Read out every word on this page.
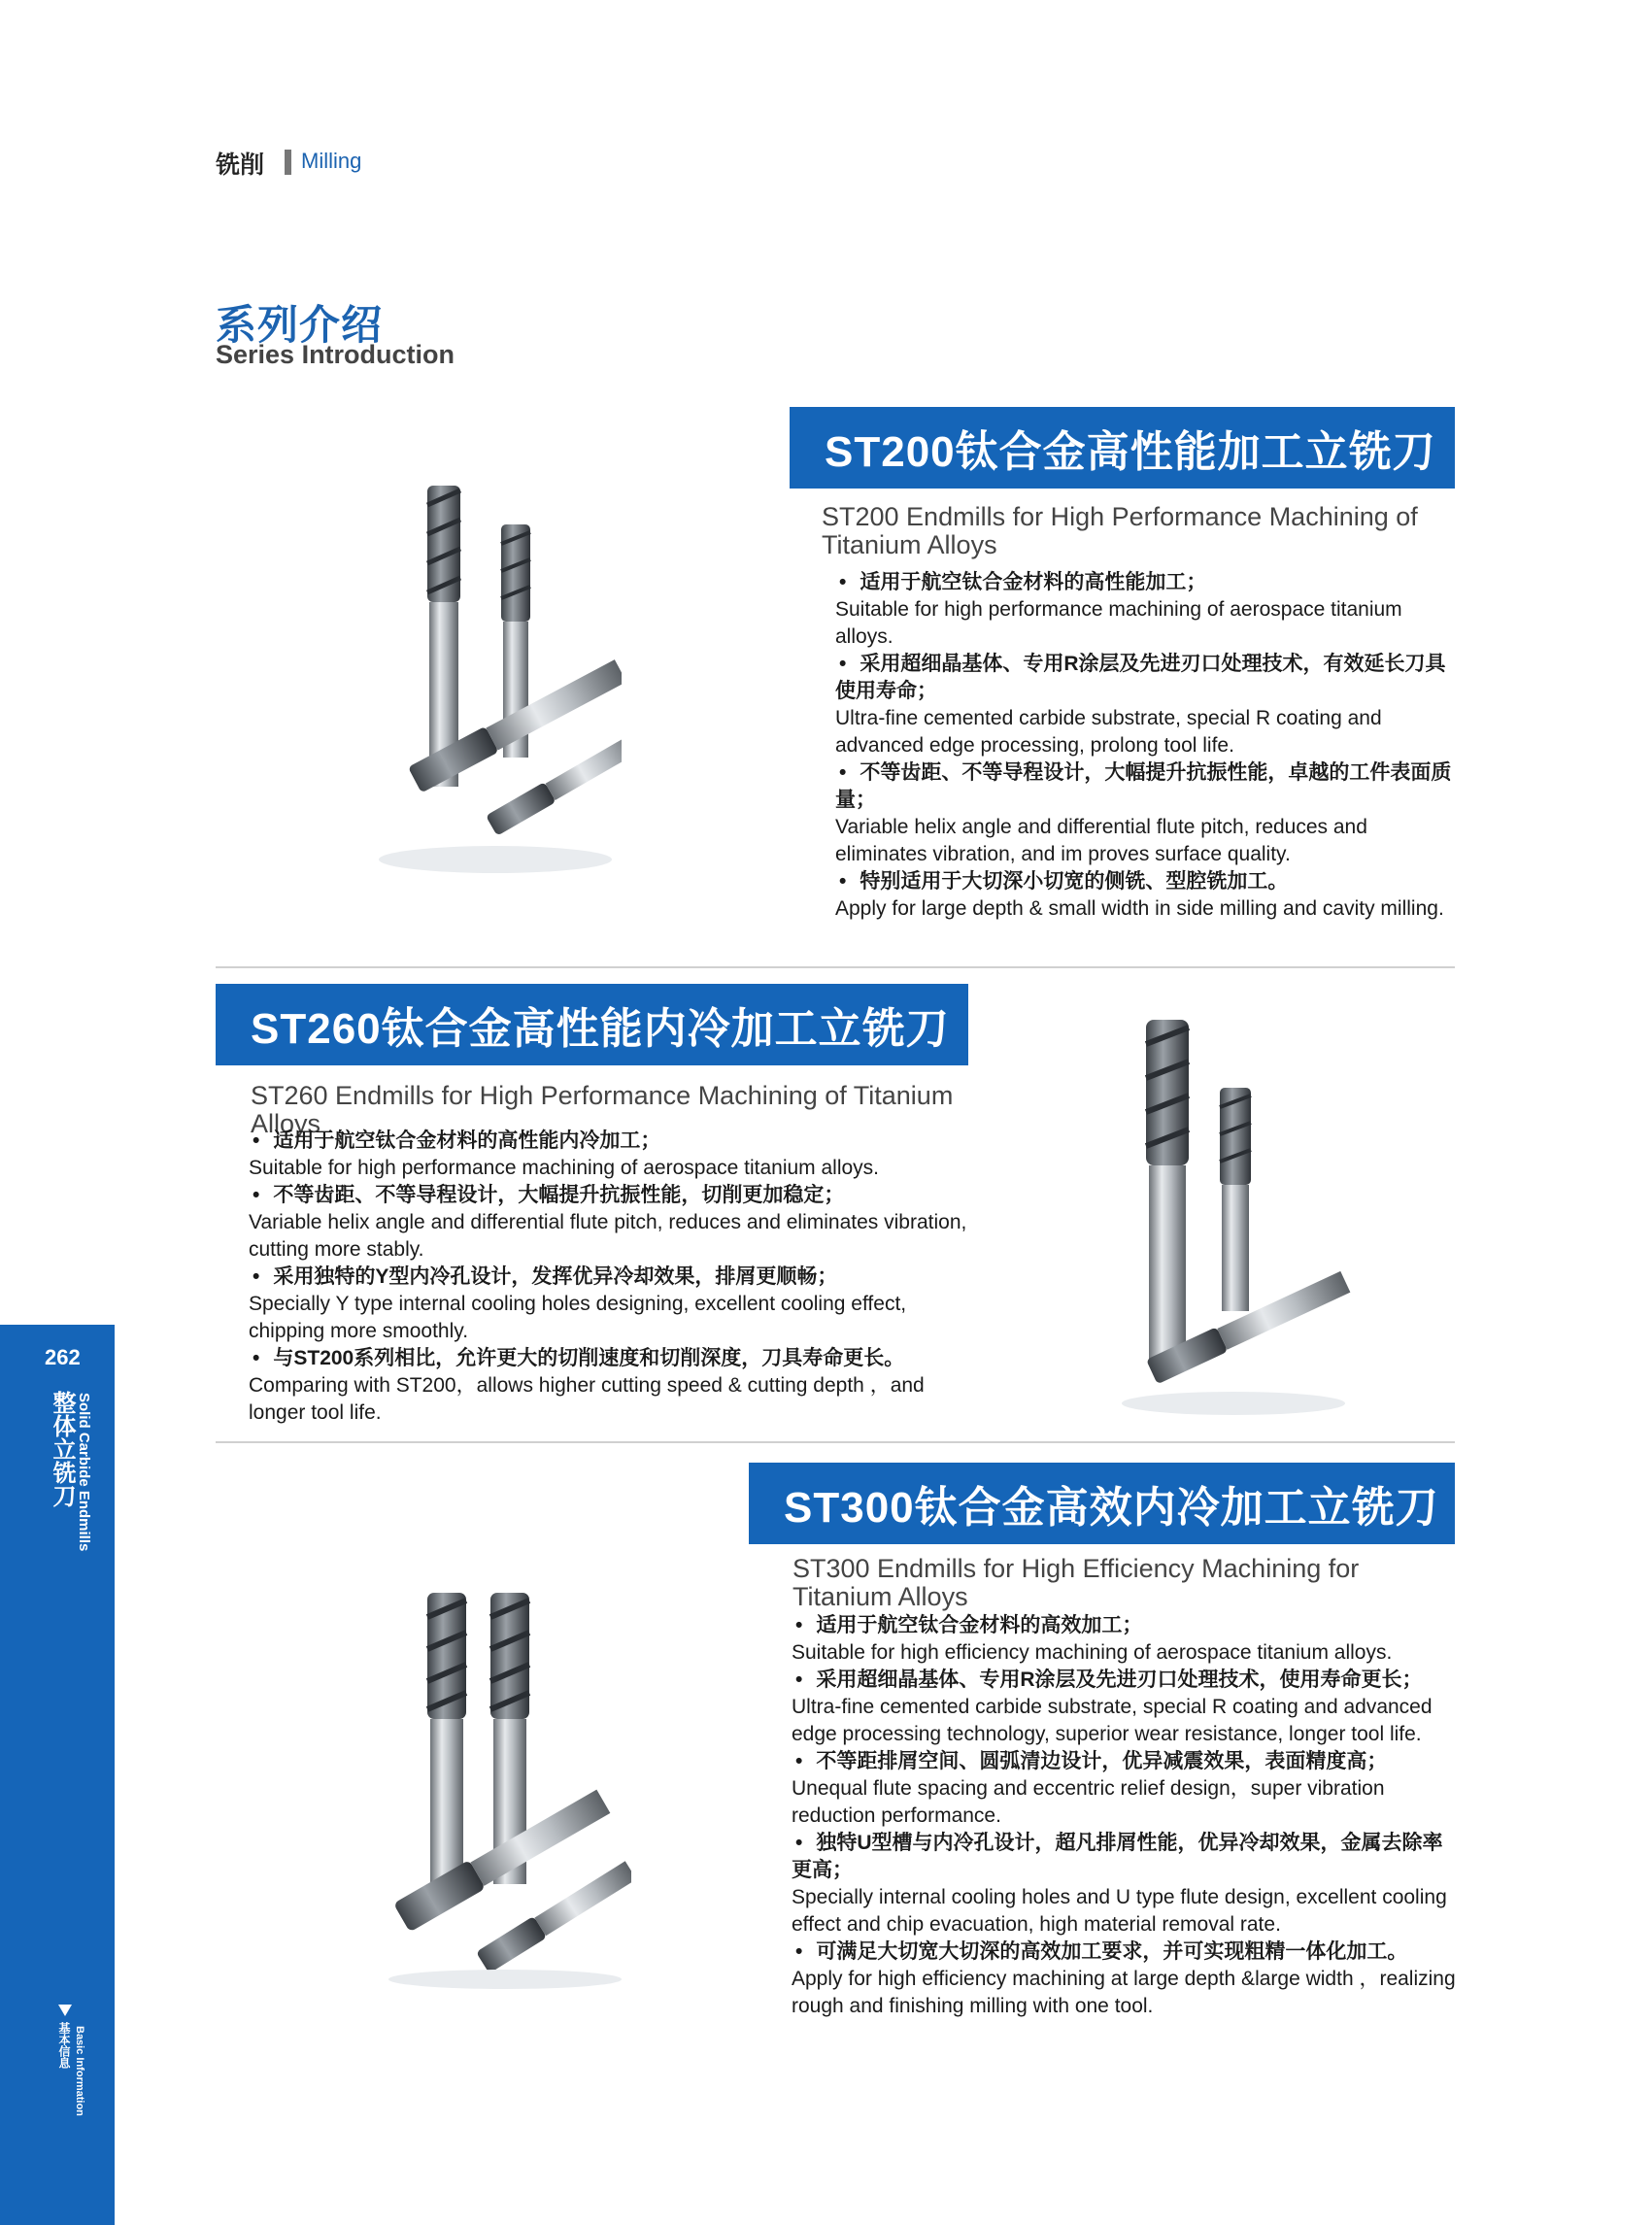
铣削 Milling
系列介绍
Series Introduction
ST200钛合金高性能加工立铣刀
ST200 Endmills for High Performance Machining of Titanium Alloys
• 适用于航空钛合金材料的高性能加工；
Suitable for high performance machining of aerospace titanium alloys.
• 采用超细晶基体、专用R涂层及先进刃口处理技术，有效延长刀具使用寿命；
Ultra-fine cemented carbide substrate, special R coating and advanced edge processing, prolong tool life.
• 不等齿距、不等导程设计，大幅提升抗振性能，卓越的工件表面质量；
Variable helix angle and differential flute pitch, reduces and eliminates vibration, and im proves surface quality.
• 特别适用于大切深小切宽的侧铣、型腔铣加工。
Apply for large depth & small width in side milling and cavity milling.
ST260钛合金高性能内冷加工立铣刀
ST260 Endmills for High Performance Machining of Titanium Alloys
• 适用于航空钛合金材料的高性能内冷加工；
Suitable for high performance machining of aerospace titanium alloys.
• 不等齿距、不等导程设计，大幅提升抗振性能，切削更加稳定；
Variable helix angle and differential flute pitch, reduces and eliminates vibration, cutting more stably.
• 采用独特的Y型内冷孔设计，发挥优异冷却效果，排屑更顺畅；
Specially Y type internal cooling holes designing, excellent cooling effect, chipping more smoothly.
• 与ST200系列相比，允许更大的切削速度和切削深度，刀具寿命更长。
Comparing with ST200，allows higher cutting speed & cutting depth ，and longer tool life.
ST300钛合金高效内冷加工立铣刀
ST300 Endmills for High Efficiency Machining for Titanium Alloys
• 适用于航空钛合金材料的高效加工；
Suitable for high efficiency machining of aerospace titanium alloys.
• 采用超细晶基体、专用R涂层及先进刃口处理技术，使用寿命更长；
Ultra-fine cemented carbide substrate, special R coating and advanced edge processing technology, superior wear resistance, longer tool life.
• 不等距排屑空间、圆弧清边设计，优异减震效果，表面精度高；
Unequal flute spacing and eccentric relief design，super vibration reduction performance.
• 独特U型槽与内冷孔设计，超凡排屑性能，优异冷却效果，金属去除率更高；
Specially internal cooling holes and U type flute design, excellent cooling effect and chip evacuation, high material removal rate.
• 可满足大切宽大切深的高效加工要求，并可实现粗精一体化加工。
Apply for high efficiency machining at large depth &large width ，realizing rough and finishing milling with one tool.
262
整体立铣刀 Solid Carbide Endmills
基本信息 Basic Information
